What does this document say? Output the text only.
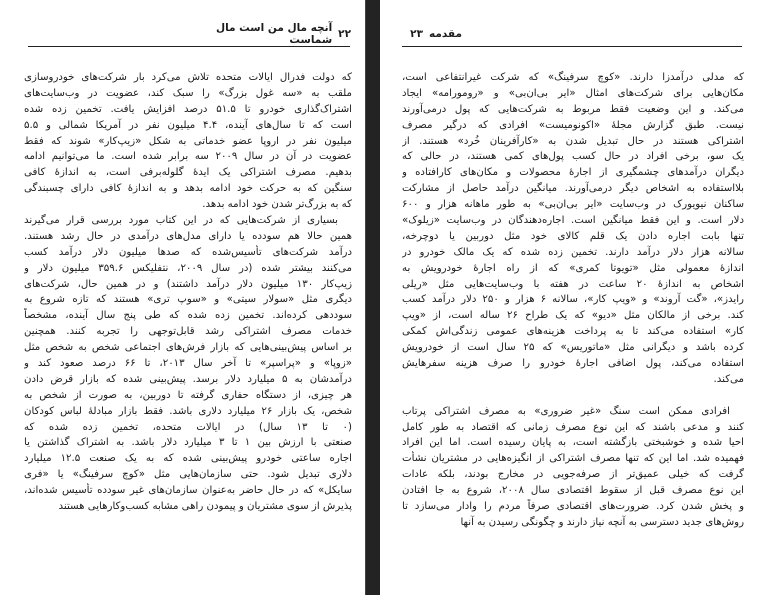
۲۲
آنچه مال من است مال شماست
که دولت فدرال ایالات متحده تلاش می‌کرد بار شرکت‌های خودروسازی
ملقب به «سه غول بزرگ» را سبک کند، عضویت در وب‌سایت‌های
اشتراک‌گذاری خودرو تا ۵۱.۵ درصد افزایش یافت. تخمین زده شده
است که تا سال‌های آینده، ۴.۴ میلیون نفر در آمریکا شمالی و ۵.۵
میلیون نفر در اروپا عضو خدماتی به شکل «زیپ‌کار» شوند که فقط
عضویت در آن در سال ۲۰۰۹ سه برابر شده است. ما می‌توانیم ادامه
بدهیم. مصرف اشتراکی یک ایدهٔ گلوله‌برفی است، به اندازهٔ کافی
سنگین که به حرکت خود ادامه بدهد و به اندازهٔ کافی دارای چسبندگی
که به بزرگ‌تر شدن خود ادامه بدهد.
بسیاری از شرکت‌هایی که در این کتاب مورد بررسی قرار می‌گیرند
همین حالا هم سودده یا دارای مدل‌های درآمدی در حال رشد هستند.
درآمد شرکت‌های تأسیس‌شده که صدها میلیون دلار درآمد کسب
می‌کنند بیشتر شده (در سال ۲۰۰۹، نتفلیکس ۳۵۹.۶ میلیون دلار و
زیپ‌کار ۱۳۰ میلیون دلار درآمد داشتند) و در همین حال، شرکت‌های
دیگری مثل «سولار سیتی» و «سوپ تری» هستند که تازه شروع به
سوددهی کرده‌اند. تخمین زده شده که طی پنج سال آینده، مشخصاً
خدمات مصرف اشتراکی رشد قابل‌توجهی را تجربه کنند. همچنین
بر اساس پیش‌بینی‌هایی که بازار فرش‌های اجتماعی شخص به شخص مثل
«زوپا» و «پراسپر» تا آخر سال ۲۰۱۳، تا ۶۶ درصد صعود کند و
درآمدشان به ۵ میلیارد دلار برسد. پیش‌بینی شده که بازار قرض دادن
هر چیزی، از دستگاه حفاری گرفته تا دوربین، به صورت از شخص به
شخص، یک بازار ۲۶ میلیارد دلاری باشد. فقط بازار مبادلهٔ لباس کودکان
(۰ تا ۱۳ سال) در ایالات متحده، تخمین زده شده که
صنعتی با ارزش بین ۱ تا ۳ میلیارد دلار باشد. به اشتراک گذاشتن یا
اجاره ساعتی خودرو پیش‌بینی شده که به یک صنعت ۱۲.۵ میلیارد
دلاری تبدیل شود. حتی سازمان‌هایی مثل «کوچ سرفینگ» یا «فری
سایکل» که در حال حاضر به‌عنوان سازمان‌های غیر سودده تأسیس شده‌اند،
پذیرش از سوی مشتریان و پیمودن راهی مشابه کسب‌وکارهایی هستند
مقدمه
۲۳
که مدلی درآمدزا دارند. «کوچ سرفینگ» که شرکت غیرانتفاعی است،
مکان‌هایی برای شرکت‌های امثال «ایر بی‌ان‌بی» و «رومورامه» ایجاد
می‌کند. و این وضعیت فقط مربوط به شرکت‌هایی که پول درمی‌آورند
نیست. طبق گزارش مجلهٔ «اکونومیست» افرادی که درگیر مصرف
اشتراکی هستند در حال تبدیل شدن به «کارآفرینان خُرد» هستند. از
یک سو، برخی افراد در حال کسب پول‌های کمی هستند، در حالی که
دیگران درآمدهای چشمگیری از اجارهٔ محصولات و مکان‌های کارافتاده و
بلااستفاده به اشخاص دیگر درمی‌آورند. میانگین درآمد حاصل از مشارکت
ساکنان نیویورک در وب‌سایت «ایر بی‌ان‌بی» به طور ماهانه هزار و ۶۰۰
دلار است. و این فقط میانگین است. اجاره‌دهندگان در وب‌سایت «زیلوک»
تنها بابت اجاره دادن یک قلم کالای خود مثل دوربین یا دوچرخه،
سالانه هزار دلار درآمد دارند. تخمین زده شده که یک مالک خودرو در
اندازهٔ معمولی مثل «تویوتا کمری» که از راه اجارهٔ خودرویش به
اشخاص به اندازهٔ ۲۰ ساعت در هفته با وب‌سایت‌هایی مثل «ریلی
رایدز»، «گت آروند» و «ویپ کار»، سالانه ۶ هزار و ۲۵۰ دلار درآمد کسب
کند. برخی از مالکان مثل «دیو» که یک طراح ۲۶ ساله است، از «ویپ
کار» استفاده می‌کند تا به پرداخت هزینه‌های عمومی زندگی‌اش کمکی
کرده باشد و دیگرانی مثل «ماتوریس» که ۲۵ سال است از خودرویش
استفاده می‌کند، پول اضافی اجارهٔ خودرو را صرف هزینه سفرهایش
می‌کند.
افرادی ممکن است سنگ «غیر ضروری» به مصرف اشتراکی پرتاب
کنند و مدعی باشند که این نوع مصرف زمانی که اقتصاد به طور کامل
احیا شده و خوشبختی بازگشته است، به پایان رسیده است. اما این افراد
فهمیده شد. اما این که تنها مصرف اشتراکی از انگیزه‌هایی در مشتریان نشأت
گرفت که خیلی عمیق‌تر از صرفه‌جویی در مخارج بودند، بلکه عادات
این نوع مصرف قبل از سقوط اقتصادی سال ۲۰۰۸، شروع به جا افتادن
و پخش شدن کرد. ضرورت‌های اقتصادی صرفاً مردم را وادار می‌سازد تا
روش‌های جدید دسترسی به آنچه نیاز دارند و چگونگی رسیدن به آنها
